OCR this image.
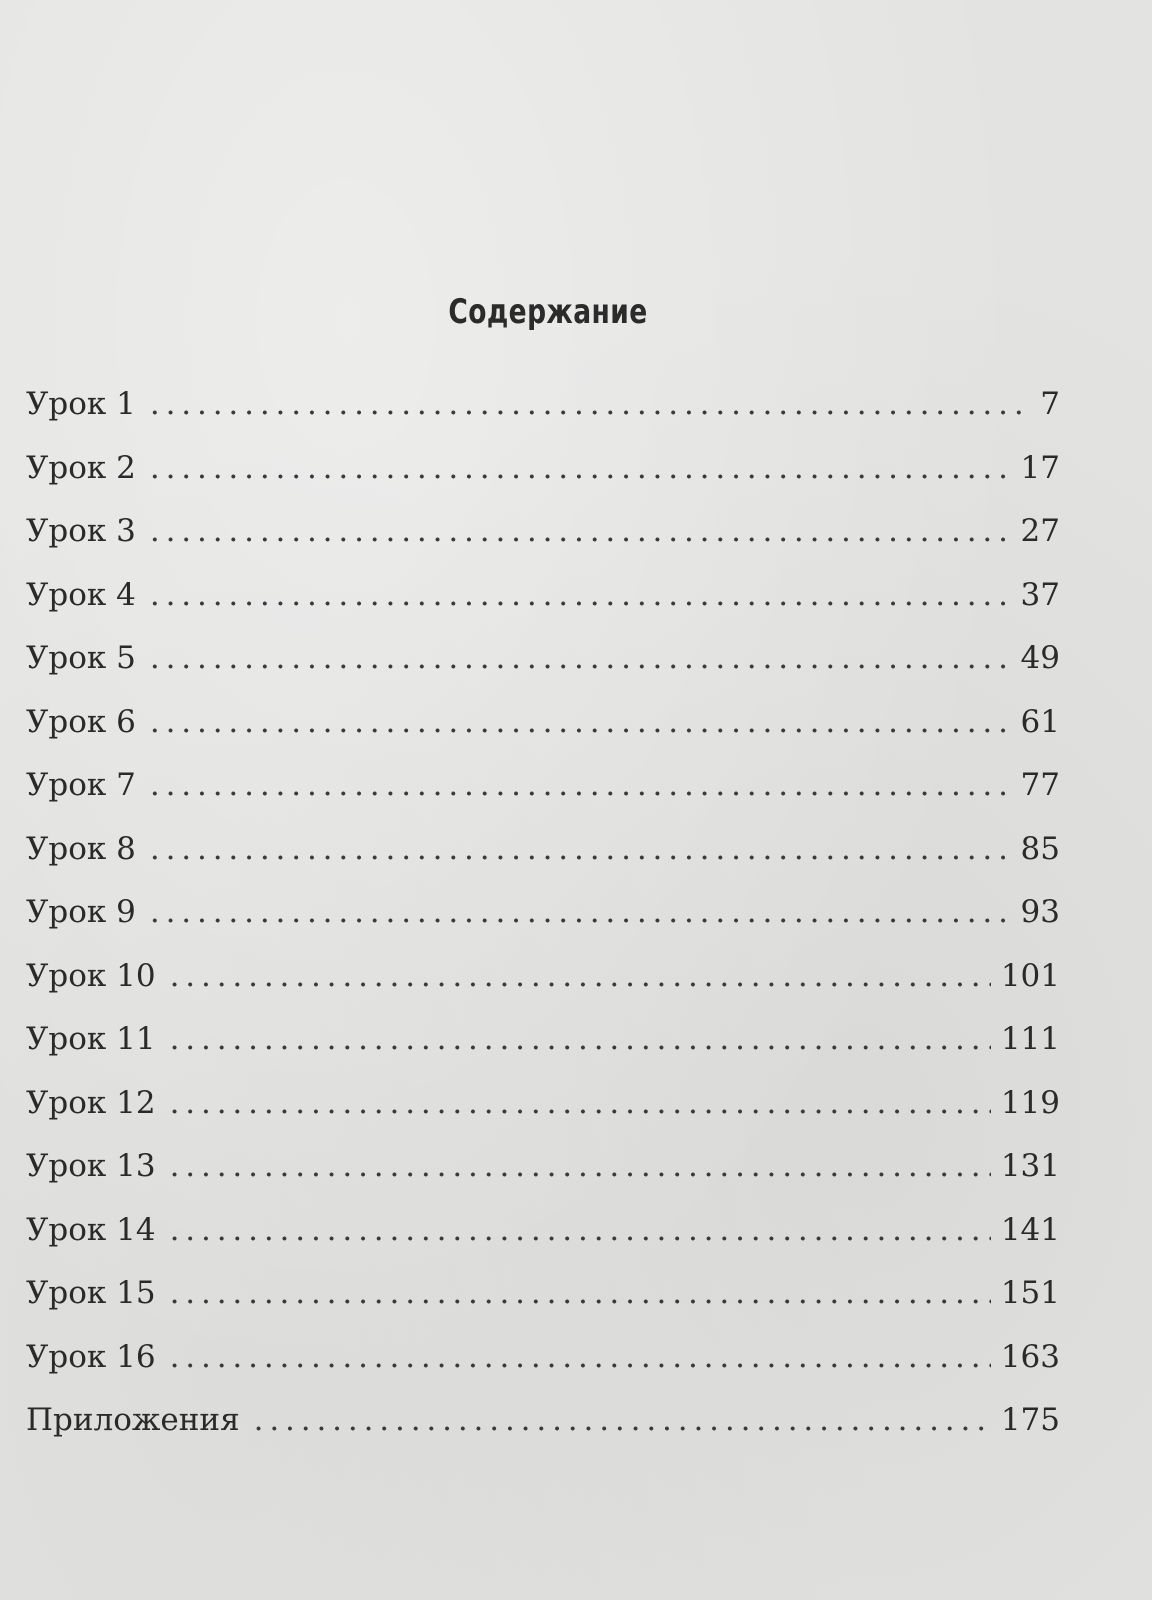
Содержание
Урок 1 . . .	7
Урок 2 . . .	17
Урок 3 . . .	27
Урок 4 . . .	37
Урок 5 . . .	49
Урок 6 . . .	61
Урок 7 . . .	77
Урок 8 . . .	85
Урок 9 . . .	93
Урок 10 . . .	101
Урок 11 . . .	111
Урок 12 . . .	119
Урок 13 . . .	131
Урок 14 . . .	141
Урок 15 . . .	151
Урок 16 . . .	163
Приложения . . .	175
